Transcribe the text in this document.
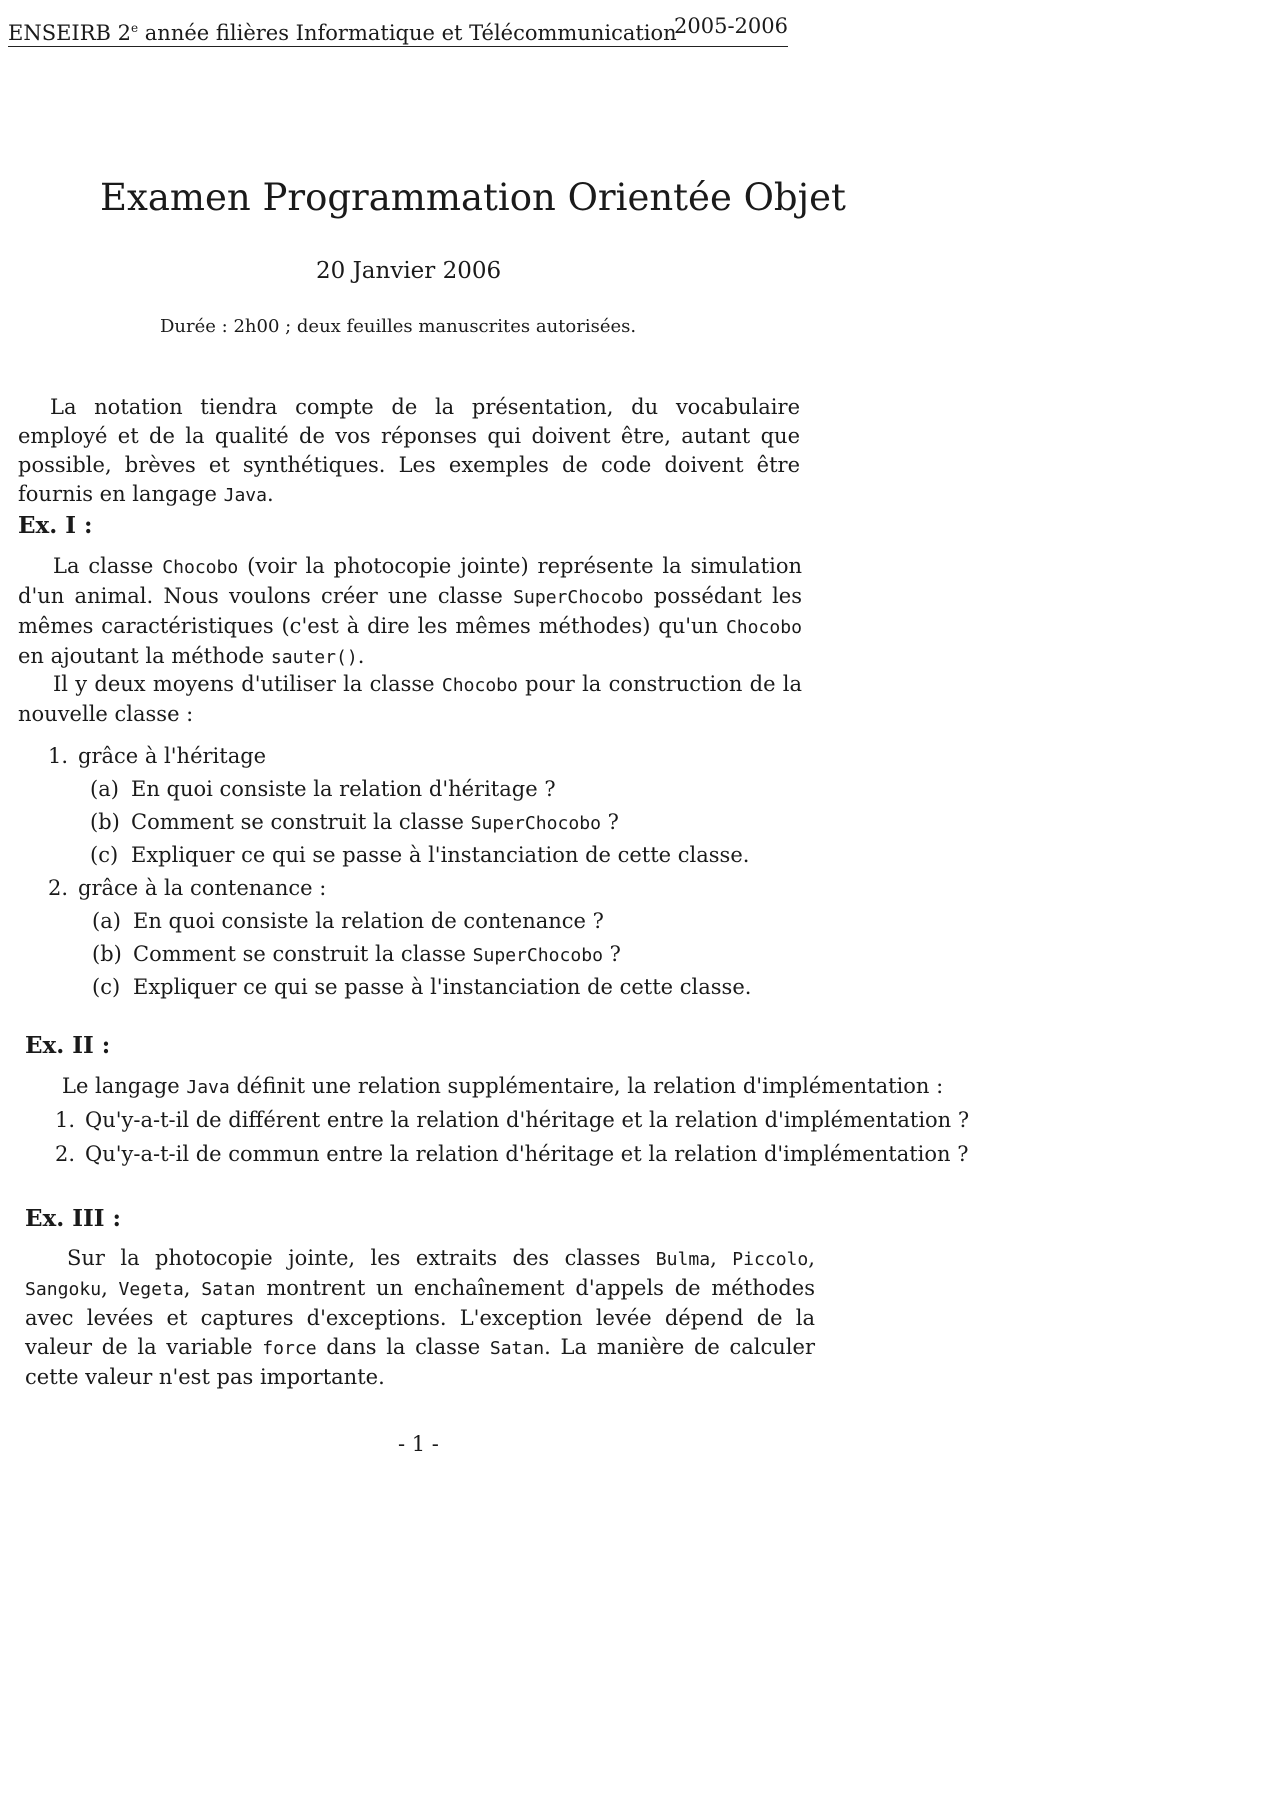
ENSEIRB 2e année filières Informatique et Télécommunication
2005-2006
Examen Programmation Orientée Objet
20 Janvier 2006
Durée : 2h00 ; deux feuilles manuscrites autorisées.
La notation tiendra compte de la présentation, du vocabulaire employé et de la qualité de vos réponses qui doivent être, autant que possible, brèves et synthétiques. Les exemples de code doivent être fournis en langage Java.
Ex. I :
La classe Chocobo (voir la photocopie jointe) représente la simulation d'un animal. Nous voulons créer une classe SuperChocobo possédant les mêmes caractéristiques (c'est à dire les mêmes méthodes) qu'un Chocobo en ajoutant la méthode sauter().
Il y deux moyens d'utiliser la classe Chocobo pour la construction de la nouvelle classe :
1. grâce à l'héritage
(a) En quoi consiste la relation d'héritage ?
(b) Comment se construit la classe SuperChocobo ?
(c) Expliquer ce qui se passe à l'instanciation de cette classe.
2. grâce à la contenance :
(a) En quoi consiste la relation de contenance ?
(b) Comment se construit la classe SuperChocobo ?
(c) Expliquer ce qui se passe à l'instanciation de cette classe.
Ex. II :
Le langage Java définit une relation supplémentaire, la relation d'implémentation :
1. Qu'y-a-t-il de différent entre la relation d'héritage et la relation d'implémentation ?
2. Qu'y-a-t-il de commun entre la relation d'héritage et la relation d'implémentation ?
Ex. III :
Sur la photocopie jointe, les extraits des classes Bulma, Piccolo, Sangoku, Vegeta, Satan montrent un enchaînement d'appels de méthodes avec levées et captures d'exceptions. L'exception levée dépend de la valeur de la variable force dans la classe Satan. La manière de calculer cette valeur n'est pas importante.
- 1 -
